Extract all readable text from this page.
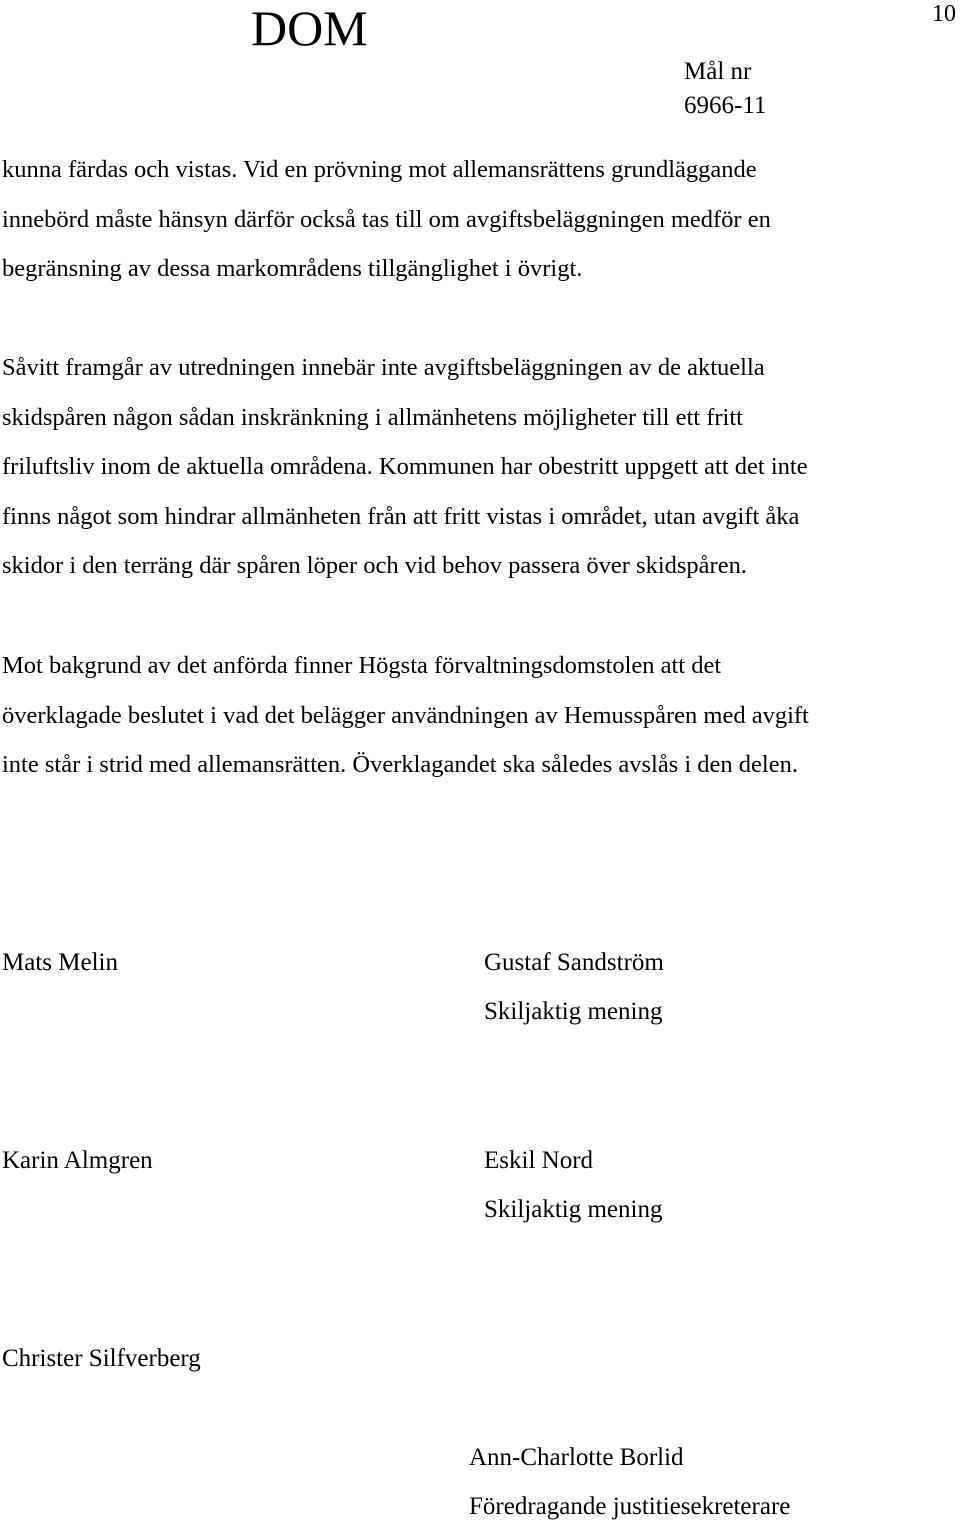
DOM	10
Mål nr
6966-11

kunna färdas och vistas. Vid en prövning mot allemansrättens grundläggande
innebörd måste hänsyn därför också tas till om avgiftsbeläggningen medför en
begränsning av dessa markområdens tillgänglighet i övrigt.

Såvitt framgår av utredningen innebär inte avgiftsbeläggningen av de aktuella
skidspåren någon sådan inskränkning i allmänhetens möjligheter till ett fritt
friluftsliv inom de aktuella områdena. Kommunen har obestritt uppgett att det inte
finns något som hindrar allmänheten från att fritt vistas i området, utan avgift åka
skidor i den terräng där spåren löper och vid behov passera över skidspåren.

Mot bakgrund av det anförda finner Högsta förvaltningsdomstolen att det
överklagade beslutet i vad det belägger användningen av Hemusspåren med avgift
inte står i strid med allemansrätten. Överklagandet ska således avslås i den delen.

Mats Melin	Gustaf Sandström
Skiljaktig mening
Karin Almgren	Eskil Nord
Skiljaktig mening
Christer Silfverberg
Ann-Charlotte Borlid
Föredragande justitiesekreterare
